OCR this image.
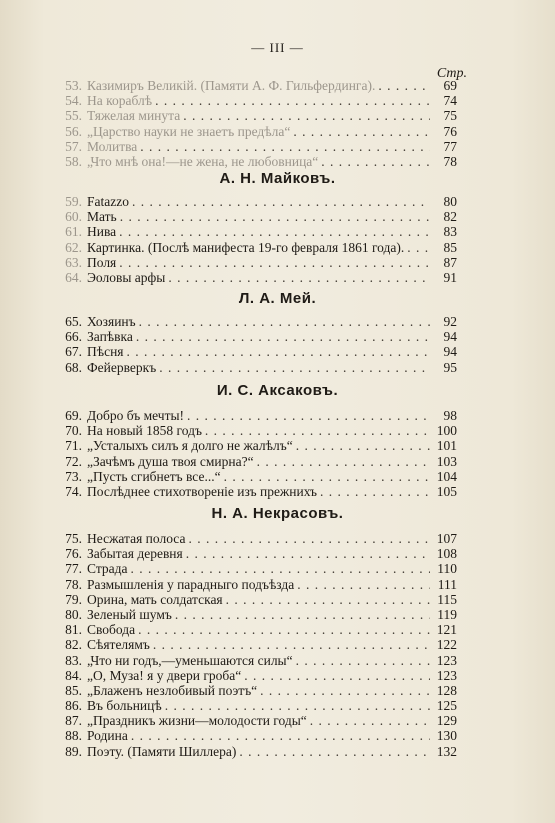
— III —
Стр.
53. Казимиръ Великій. (Памяти А. Ф. Гильфердинга). . . .	69
54. На кораблѣ . . .	74
55. Тяжелая минута . . .	75
56. „Царство науки не знаетъ предѣла“ . . .	76
57. Молитва . . .	77
58. „Что мнѣ она!—не жена, не любовница“ . . .	78
А. Н. Майковъ.
59. Fatazzo . . .	80
60. Мать . . .	82
61. Нива . . .	83
62. Картинка. (Послѣ манифеста 19-го февраля 1861 года). . . .	85
63. Поля . . .	87
64. Эоловы арфы . . .	91
Л. А. Мей.
65. Хозяинъ . . .	92
66. Запѣвка . . .	94
67. Пѣсня . . .	94
68. Фейерверкъ . . .	95
И. С. Аксаковъ.
69. Добро бъ мечты! . . .	98
70. На новый 1858 годъ . . .	100
71. „Усталыхъ силъ я долго не жалѣлъ“ . . .	101
72. „Зачѣмъ душа твоя смирна?“ . . .	103
73. „Пусть сгибнетъ все...“ . . .	104
74. Послѣднее стихотвореніе изъ прежнихъ . . .	105
Н. А. Некрасовъ.
75. Несжатая полоса . . .	107
76. Забытая деревня . . .	108
77. Страда . . .	110
78. Размышленія у парадныго подъѣзда . . .	111
79. Орина, мать солдатская . . .	115
80. Зеленый шумъ . . .	119
81. Свобода . . .	121
82. Сѣятелямъ . . .	122
83. „Что ни годъ,—уменьшаются силы“ . . .	123
84. „О, Муза! я у двери гроба“ . . .	123
85. „Блаженъ незлобивый поэтъ“ . . .	128
86. Въ больницѣ . . .	125
87. „Праздникъ жизни—молодости годы“ . . .	129
88. Родина . . .	130
89. Поэту. (Памяти Шиллера) . . .	132
